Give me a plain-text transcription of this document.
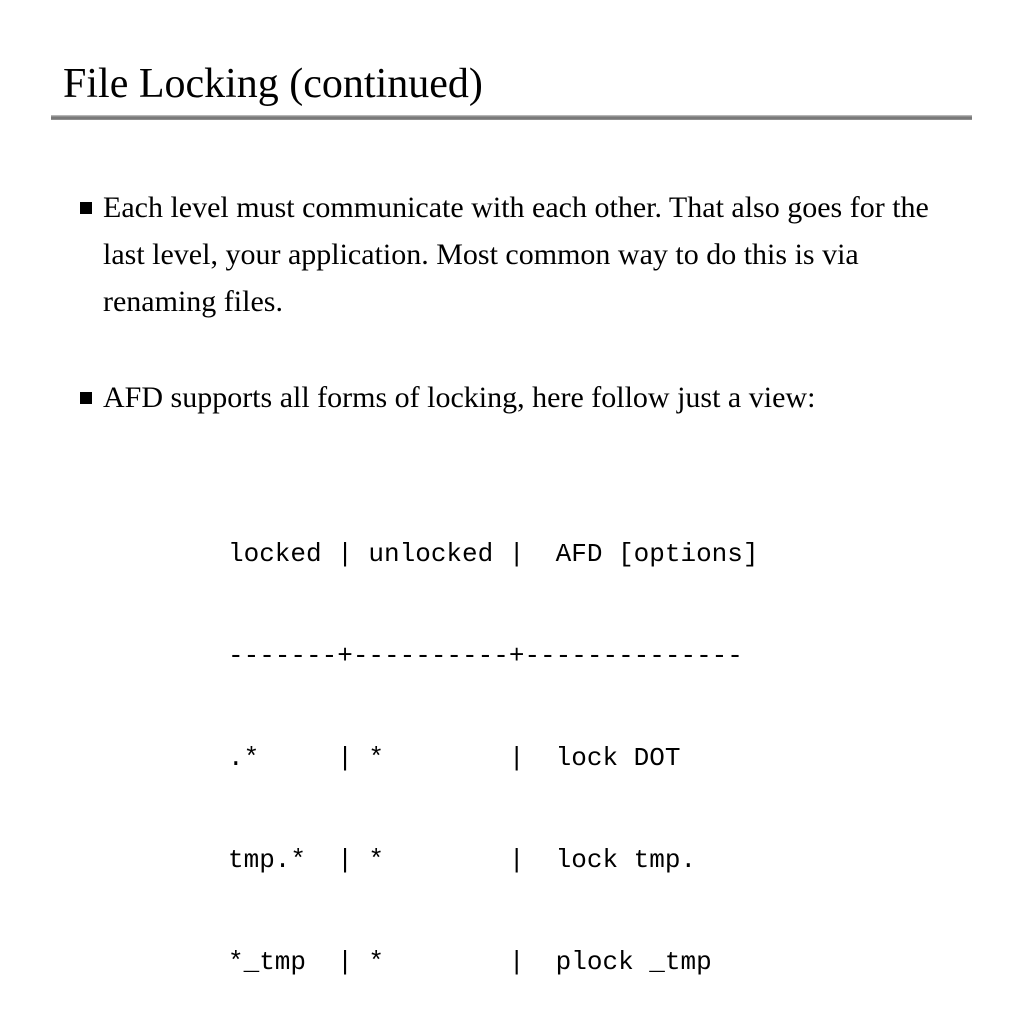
File Locking (continued)
Each level must communicate with each other. That also goes for the last level, your application. Most common way to do this is via renaming files.
AFD supports all forms of locking, here follow just a view:

locked | unlocked |  AFD [options]

-------+----------+--------------

.*     | *        |  lock DOT

tmp.*  | *        |  lock tmp.

*_tmp  | *        |  plock _tmp
